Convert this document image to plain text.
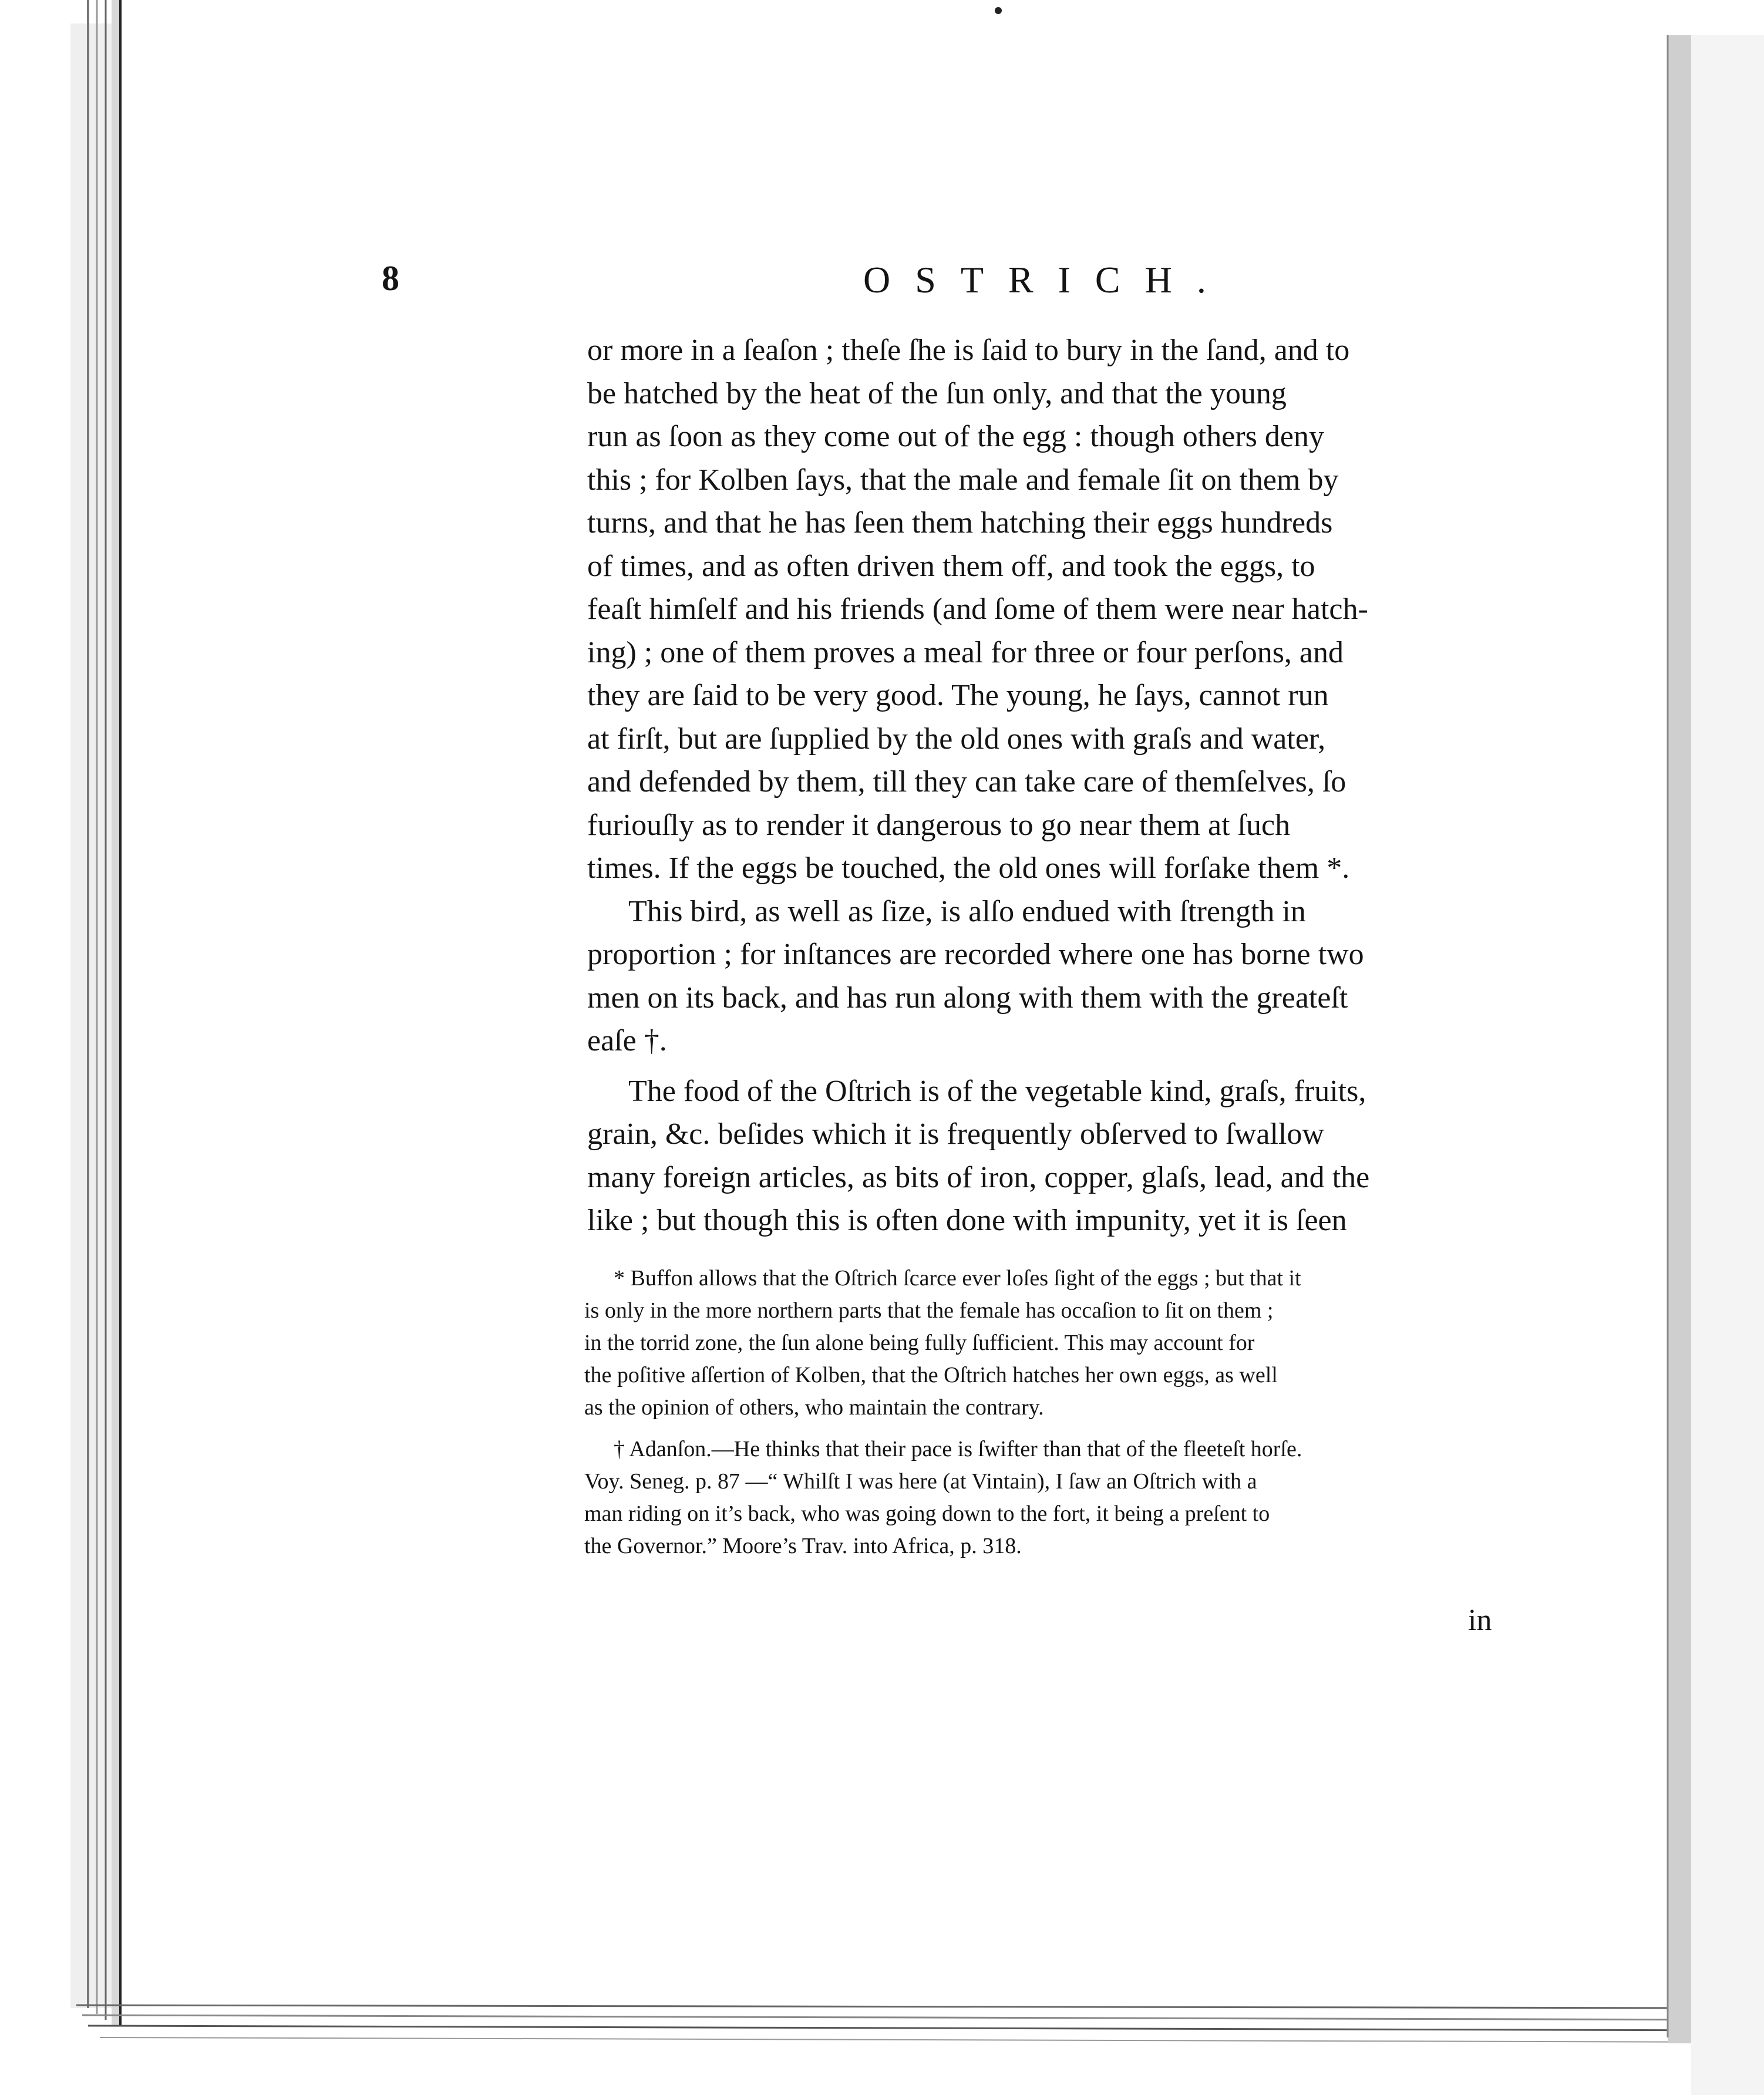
8	OSTRICH.
or more in a ſeaſon ; theſe ſhe is ſaid to bury in the ſand, and to
be hatched by the heat of the ſun only, and that the young
run as ſoon as they come out of the egg : though others deny
this ; for Kolben ſays, that the male and female ſit on them by
turns, and that he has ſeen them hatching their eggs hundreds
of times, and as often driven them off, and took the eggs, to
feaſt himſelf and his friends (and ſome of them were near hatch-
ing) ; one of them proves a meal for three or four perſons, and
they are ſaid to be very good. The young, he ſays, cannot run
at firſt, but are ſupplied by the old ones with graſs and water,
and defended by them, till they can take care of themſelves, ſo
furiouſly as to render it dangerous to go near them at ſuch
times. If the eggs be touched, the old ones will forſake them *.
This bird, as well as ſize, is alſo endued with ſtrength in
proportion ; for inſtances are recorded where one has borne two
men on its back, and has run along with them with the greateſt
eaſe †.
The food of the Oſtrich is of the vegetable kind, graſs, fruits,
grain, &c. beſides which it is frequently obſerved to ſwallow
many foreign articles, as bits of iron, copper, glaſs, lead, and the
like ; but though this is often done with impunity, yet it is ſeen
* Buffon allows that the Oſtrich ſcarce ever loſes ſight of the eggs ; but that it
is only in the more northern parts that the female has occaſion to ſit on them ;
in the torrid zone, the ſun alone being fully ſufficient. This may account for
the poſitive aſſertion of Kolben, that the Oſtrich hatches her own eggs, as well
as the opinion of others, who maintain the contrary.
† Adanſon.—He thinks that their pace is ſwifter than that of the fleeteſt horſe.
Voy. Seneg. p. 87 —“ Whilſt I was here (at Vintain), I ſaw an Oſtrich with a
man riding on it’s back, who was going down to the fort, it being a preſent to
the Governor.” Moore’s Trav. into Africa, p. 318.
in
